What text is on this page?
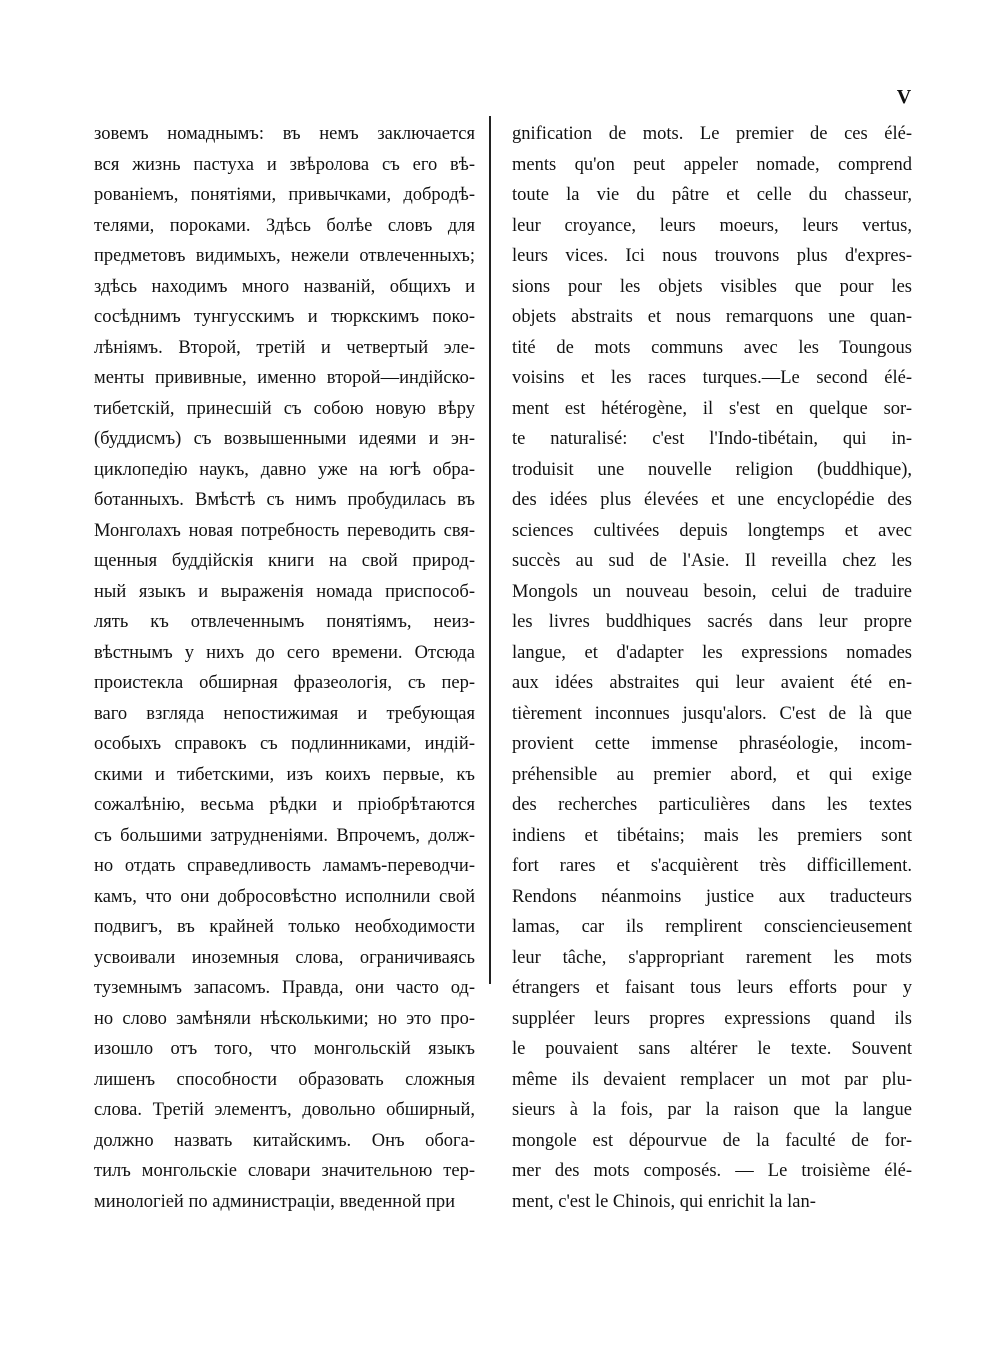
V
зовемъ номаднымъ: въ немъ заключается
вся жизнь пастуха и звѣролова съ его вѣ-
рованіемъ, понятіями, привычками, добродѣ-
телями, пороками. Здѣсь болѣе словъ для
предметовъ видимыхъ, нежели отвлеченныхъ;
здѣсь находимъ много названій, общихъ и
сосѣднимъ тунгусскимъ и тюркскимъ поко-
лѣніямъ. Второй, третій и четвертый эле-
менты прививные, именно второй—индійско-
тибетскій, принесшій съ собою новую вѣру
(буддисмъ) съ возвышенными идеями и эн-
циклопедію наукъ, давно уже на югѣ обра-
ботанныхъ. Вмѣстѣ съ нимъ пробудилась въ
Монголахъ новая потребность переводить свя-
щенныя буддійскія книги на свой природ-
ный языкъ и выраженія номада приспособ-
лять къ отвлеченнымъ понятіямъ, неиз-
вѣстнымъ у нихъ до сего времени. Отсюда
проистекла обширная фразеологія, съ пер-
ваго взгляда непостижимая и требующая
особыхъ справокъ съ подлинниками, индій-
скими и тибетскими, изъ коихъ первые, къ
сожалѣнію, весьма рѣдки и пріобрѣтаются
съ большими затрудненіями. Впрочемъ, долж-
но отдать справедливость ламамъ-переводчи-
камъ, что они добросовѣстно исполнили свой
подвигъ, въ крайней только необходимости
усвоивали иноземныя слова, ограничиваясь
туземнымъ запасомъ. Правда, они часто од-
но слово замѣняли нѣсколькими; но это про-
изошло отъ того, что монгольскій языкъ
лишенъ способности образовать сложныя
слова. Третій элементъ, довольно обширный,
должно назвать китайскимъ. Онъ обога-
тилъ монгольскіе словари значительною тер-
минологіей по администраціи, введенной при
gnification de mots. Le premier de ces élé-
ments qu'on peut appeler nomade, comprend
toute la vie du pâtre et celle du chasseur,
leur croyance, leurs moeurs, leurs vertus,
leurs vices. Ici nous trouvons plus d'expres-
sions pour les objets visibles que pour les
objets abstraits et nous remarquons une quan-
tité de mots communs avec les Toungous
voisins et les races turques.—Le second élé-
ment est hétérogène, il s'est en quelque sor-
te naturalisé: c'est l'Indo-tibétain, qui in-
troduisit une nouvelle religion (buddhique),
des idées plus élevées et une encyclopédie des
sciences cultivées depuis longtemps et avec
succès au sud de l'Asie. Il reveilla chez les
Mongols un nouveau besoin, celui de traduire
les livres buddhiques sacrés dans leur propre
langue, et d'adapter les expressions nomades
aux idées abstraites qui leur avaient été en-
tièrement inconnues jusqu'alors. C'est de là que
provient cette immense phraséologie, incom-
préhensible au premier abord, et qui exige
des recherches particulières dans les textes
indiens et tibétains; mais les premiers sont
fort rares et s'acquièrent très difficillement.
Rendons néanmoins justice aux traducteurs
lamas, car ils remplirent consciencieusement
leur tâche, s'appropriant rarement les mots
étrangers et faisant tous leurs efforts pour y
suppléer leurs propres expressions quand ils
le pouvaient sans altérer le texte. Souvent
même ils devaient remplacer un mot par plu-
sieurs à la fois, par la raison que la langue
mongole est dépourvue de la faculté de for-
mer des mots composés. — Le troisième élé-
ment, c'est le Chinois, qui enrichit la lan-
